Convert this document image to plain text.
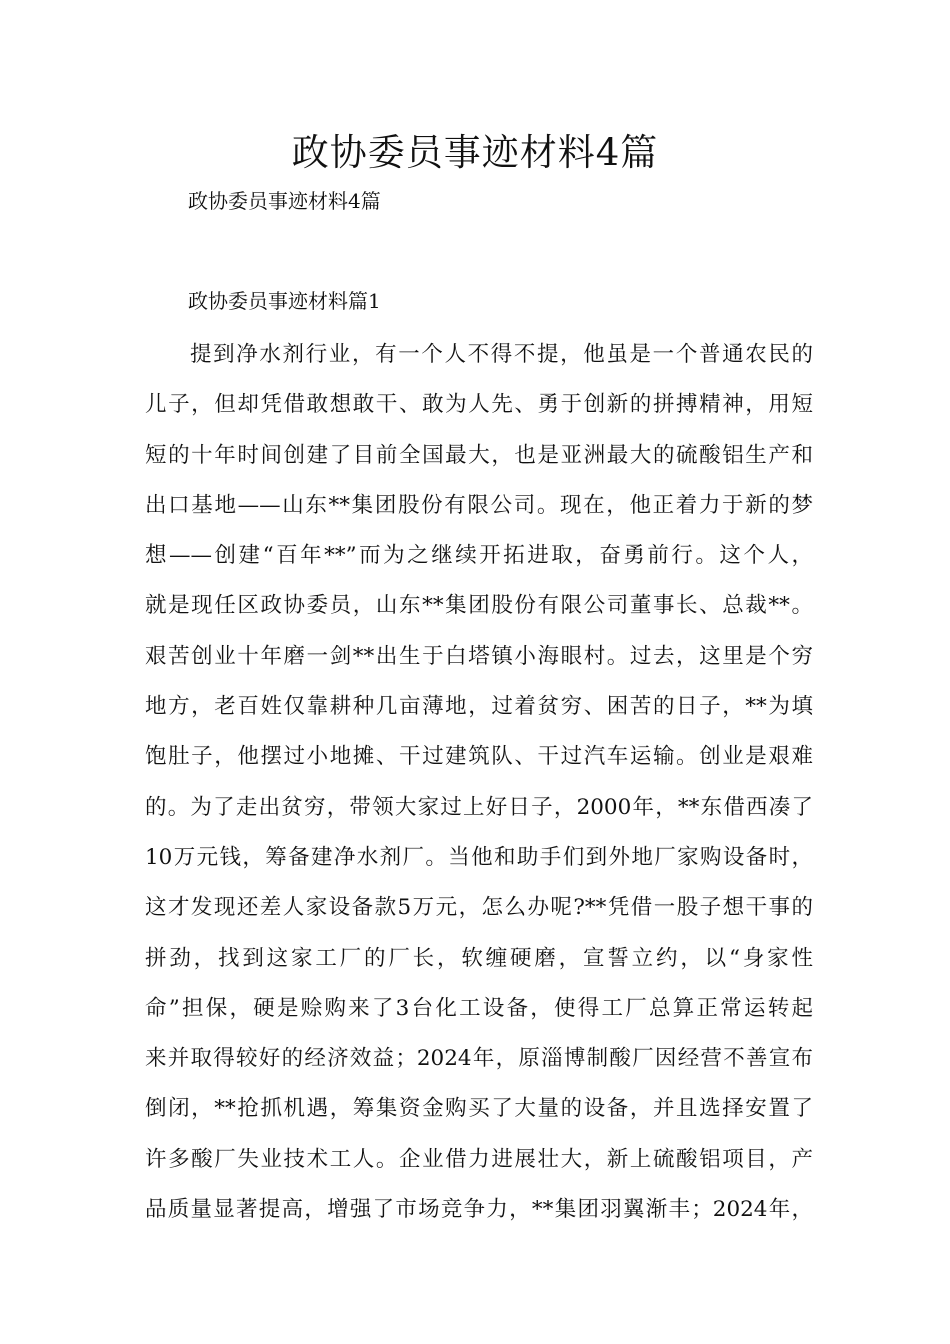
政协委员事迹材料4篇
政协委员事迹材料4篇
政协委员事迹材料篇1
提到净水剂行业，有一个人不得不提，他虽是一个普通农民的
儿子，但却凭借敢想敢干、敢为人先、勇于创新的拼搏精神，用短
短的十年时间创建了目前全国最大，也是亚洲最大的硫酸铝生产和
出口基地——山东**集团股份有限公司。现在，他正着力于新的梦
想——创建“百年**”而为之继续开拓进取，奋勇前行。这个人，
就是现任区政协委员，山东**集团股份有限公司董事长、总裁**。
艰苦创业十年磨一剑**出生于白塔镇小海眼村。过去，这里是个穷
地方，老百姓仅靠耕种几亩薄地，过着贫穷、困苦的日子，**为填
饱肚子，他摆过小地摊、干过建筑队、干过汽车运输。创业是艰难
的。为了走出贫穷，带领大家过上好日子，2000年，**东借西凑了
10万元钱，筹备建净水剂厂。当他和助手们到外地厂家购设备时，
这才发现还差人家设备款5万元，怎么办呢?**凭借一股子想干事的
拼劲，找到这家工厂的厂长，软缠硬磨，宣誓立约，以“身家性
命”担保，硬是赊购来了3台化工设备，使得工厂总算正常运转起
来并取得较好的经济效益；2024年，原淄博制酸厂因经营不善宣布
倒闭，**抢抓机遇，筹集资金购买了大量的设备，并且选择安置了
许多酸厂失业技术工人。企业借力进展壮大，新上硫酸铝项目，产
品质量显著提高，增强了市场竞争力，**集团羽翼渐丰；2024年，
